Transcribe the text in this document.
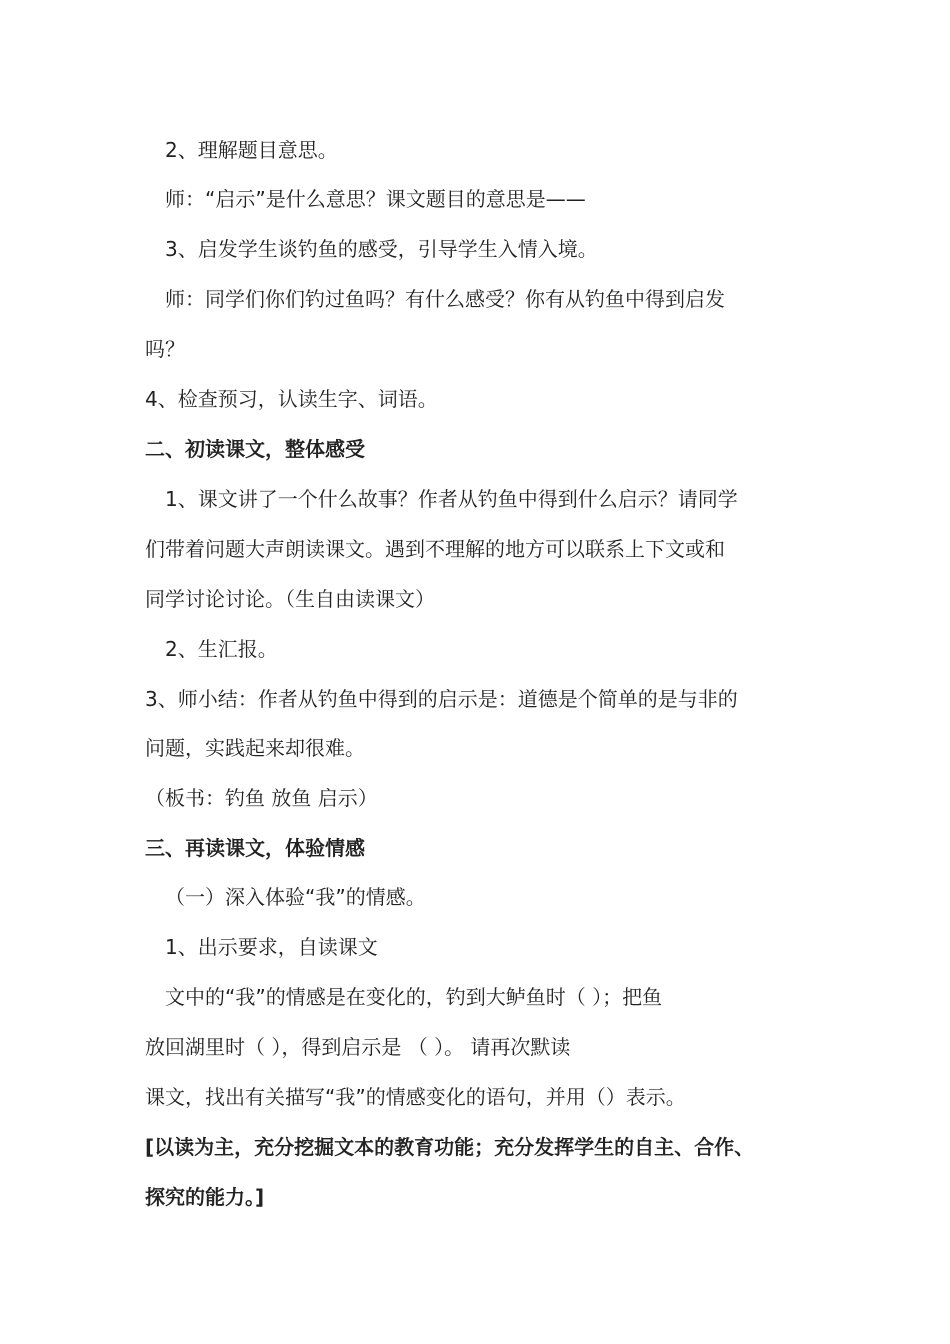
2、理解题目意思。
师：“启示”是什么意思？课文题目的意思是——
3、启发学生谈钓鱼的感受，引导学生入情入境。
师：同学们你们钓过鱼吗？有什么感受？你有从钓鱼中得到启发
吗？
4、检查预习，认读生字、词语。
二、初读课文，整体感受
1、课文讲了一个什么故事？作者从钓鱼中得到什么启示？请同学
们带着问题大声朗读课文。遇到不理解的地方可以联系上下文或和
同学讨论讨论。（生自由读课文）
2、生汇报。
3、师小结：作者从钓鱼中得到的启示是：道德是个简单的是与非的
问题，实践起来却很难。
（板书：钓鱼 放鱼 启示）
三、再读课文，体验情感
（一）深入体验“我”的情感。
1、出示要求，自读课文
文中的“我”的情感是在变化的，钓到大鲈鱼时（ ）；把鱼
放回湖里时（ ），得到启示是 （ ）。 请再次默读
课文，找出有关描写“我”的情感变化的语句，并用（）表示。
[以读为主，充分挖掘文本的教育功能；充分发挥学生的自主、合作、
探究的能力。]
